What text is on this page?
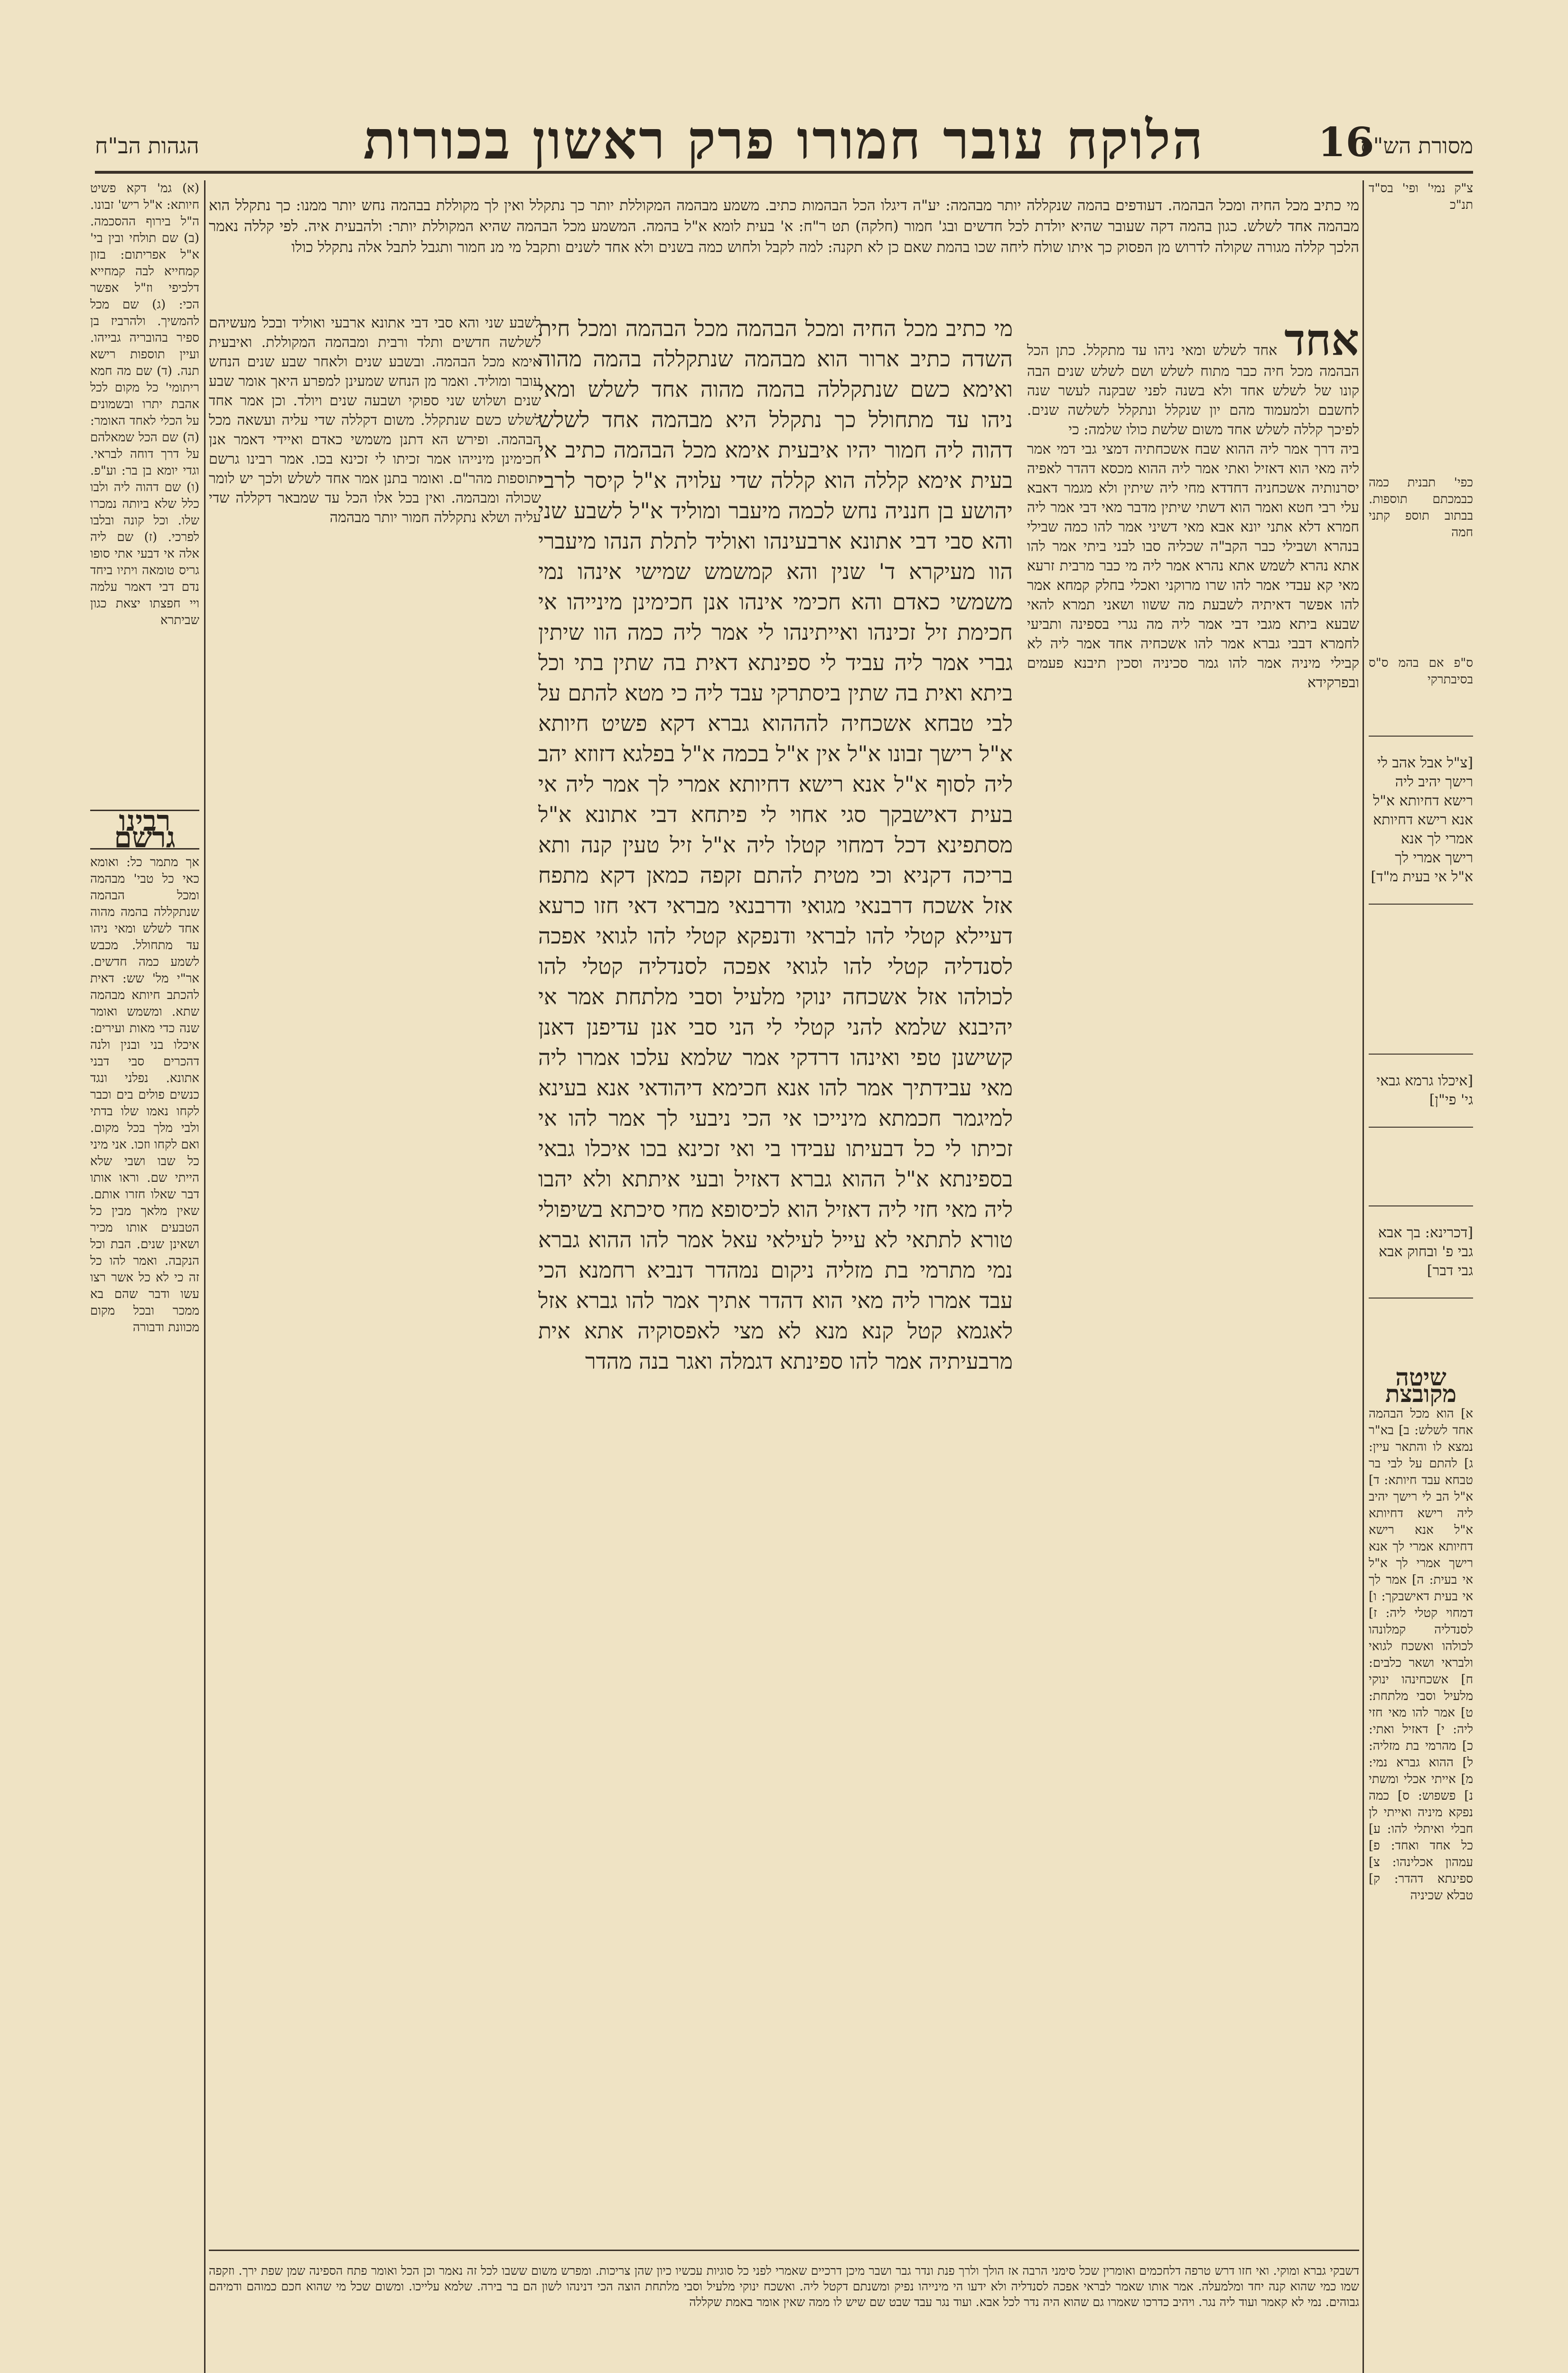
מסורת הש"ס
16
הלוקח עובר חמורו פרק ראשון בכורות
הגהות הב"ח

מי כתיב מכל החיה ומכל הבהמה. דעודפים בהמה שנקללה יותר מבהמה: יע"ה דיגלו הכל הבהמות כתיב. משמע מבהמה המקוללת יותר כך נתקלל ואין לך מקוללת בבהמה נחש יותר ממנו: כך נתקלל הוא מבהמה אחד לשלש. כגון בהמה דקה שעובר שהיא יולדת לכל חדשים ובג' חמור (חלקה) תט ר"ח: א' בעית לומא א"ל בהמה. המשמע מכל הבהמה שהיא המקוללת יותר: ולהבעית איה. לפי קללה נאמר הלכך קללה מגורה שקולה לדרוש מן הפסוק כך איתו שולח ליחה שכו בהמת שאם כן לא תקנה: למה לקבל ולחוש כמה בשנים ולא אחד לשנים ותקבל מי מנ חמור ותגבל לתבל אלה נתקלל כולו

צ"ק נמי' ופי' בס"ד תנ"כ

כפי' תבנית כמה כבמכתם תוספות. בבתוב תוספ קתני חמה

ס"פ אם בהמ ס"ס בסיבתרקי

[צ"ל אבל אהב לי רישך יהיב ליה רישא דחיותא א"ל אנא רישא דחיותא אמרי לך אנא רישך אמרי לך א"ל אי בעית מ"ד]

[איכלו גרמא גבאי גי' פי"ן]

[דכרינא: בך אבא גבי פ' ובחוק אבא גבי דבר]

שיטה מקובצת

א] הוא מכל הבהמה אחד לשלש: ב] בא"ר נמצא לו והתאר עיין: ג] להתם על לבי בר טבחא עבד חיותא: ד] א"ל הב לי רישך יהיב ליה רישא דחיותא א"ל אנא רישא דחיותא אמרי לך אנא רישך אמרי לך א"ל אי בעית: ה] אמר לך אי בעית דאישבקך: ו] דמחוי קטלי ליה: ז] לסנדליה קמלונהו לכולהו ואשכח לגואי ולבראי ושאר כלבים: ח] אשכחינהו ינוקי מלעיל וסבי מלתחת: ט] אמר להו מאי חזי ליה: י] דאזיל ואתי: כ] מהרמי בת מזליה: ל] ההוא גברא נמי: מ] אייתי אכלי ומשתי נ] פשפוש: ס] כמה נפקא מיניה ואייתי לן חבלי ואיתלי להו: ע] כל אחד ואחד: פ] עמהון אכלינהו: צ] ספינתא דהדר: ק] טבלא שכיניה

אחד אחד לשלש ומאי ניהו עד מתקלל. כתן הכל הבהמה מכל חיה כבר מתוח לשלש ושם לשלש שנים הבה קונו של לשלש אחד ולא בשנה לפני שבקנה לעשר שנה לחשבם ולמעמוד מהם יון שנקלל ונתקלל לשלשה שנים. לפיכך קללה לשלש אחד משום שלשת כולו שלמה: כי

ביה דרך אמר ליה ההוא שבח אשכחתיה דמצי גבי דמי אמר ליה מאי הוא דאזיל ואתי אמר ליה ההוא מכסא דהדר לאפיה יסרנותיה אשכחניה דחדדא מחי ליה שיתין ולא מגמר דאבא עלי רבי חטא ואמר הוא דשתי שיתין מדבר מאי דבי אמר ליה חמרא דלא אתני יונא אבא מאי דשיני אמר להו כמה שבילי בנהרא ושבילי כבר הקב"ה שכליה סבו לבני ביתי אמר להו אתא נהרא לשמש אתא נהרא אמר ליה מי כבר מרבית זרעא מאי קא עבדי אמר להו שרו מרוקני ואכלי בחלק קמחא אמר להו אפשר דאיתיה לשבעת מה ששוו ושאני תמרא להאי שבעא ביתא מגבי דבי אמר ליה מה נגרי בספינה ותביעי לחמרא דבבי גברא אמר להו אשכחיה אחד אמר ליה לא קבילי מיניה אמר להו גמר סכיניה וסכין תיבנא פעמים ובפרקידא

מי כתיב מכל החיה ומכל הבהמה מכל הבהמה ומכל חית השדה כתיב ארור הוא מבהמה שנתקללה בהמה מהוה ואימא כשם שנתקללה בהמה מהוה אחד לשלש ומאי ניהו עד מתחולל כך נתקלל היא מבהמה אחד לשלש דהוה ליה חמור יהיו איבעית אימא מכל הבהמה כתיב אי בעית אימא קללה הוא קללה שדי עלויה א"ל קיסר לרבי יהושע בן חנניה נחש לכמה מיעבר ומוליד א"ל לשבע שני והא סבי דבי אתונא ארבעינהו ואוליד לתלת הנהו מיעברי הוו מעיקרא ד' שנין והא קמשמש שמישי אינהו נמי משמשי כאדם והא חכימי אינהו אנן חכימינן מינייהו אי חכימת זיל זכינהו ואייתינהו לי אמר ליה כמה הוו שיתין גברי אמר ליה עביד לי ספינתא דאית בה שתין בתי וכל ביתא ואית בה שתין ביסתרקי עבד ליה כי מטא להתם על לבי טבחא אשכחיה להההוא גברא דקא פשיט חיותא א"ל רישך זבונו א"ל אין א"ל בכמה א"ל בפלגא דזוזא יהב ליה לסוף א"ל אנא רישא דחיותא אמרי לך אמר ליה אי בעית דאישבקך סגי אחוי לי פיתחא דבי אתונא א"ל מסתפינא דכל דמחוי קטלו ליה א"ל זיל טעין קנה ותא בריכה דקניא וכי מטית להתם זקפה כמאן דקא מתפח אזל אשכח דרבנאי מגואי ודרבנאי מבראי דאי חזו כרעא דעיילא קטלי להו לבראי ודנפקא קטלי להו לגואי אפכה לסנדליה קטלי להו לגואי אפכה לסנדליה קטלי להו לכולהו אזל אשכחה ינוקי מלעיל וסבי מלתחת אמר אי יהיבנא שלמא להני קטלי לי הני סבי אנן עדיפנן דאנן קשישנן טפי ואינהו דרדקי אמר שלמא עלכו אמרו ליה מאי עבידתיך אמר להו אנא חכימא דיהודאי אנא בעינא למיגמר חכמתא מינייכו אי הכי ניבעי לך אמר להו אי זכיתו לי כל דבעיתו עבידו בי ואי זכינא בכו איכלו גבאי בספינתא א"ל ההוא גברא דאזיל ובעי איתתא ולא יהבו ליה מאי חזי ליה דאזיל הוא לכיסופא מחי סיכתא בשיפולי טורא לתתאי לא עייל לעילאי עאל אמר להו ההוא גברא נמי מתרמי בת מזליה ניקום נמהדר דנביא רחמנא הכי עבד אמרו ליה מאי הוא דהדר אתיך אמר להו גברא אזל לאגמא קטל קנא מנא לא מצי לאפסוקיה אתא אית מרבעיתיה אמר להו ספינתא דגמלה ואגר בנה מהדר

לשבע שני והא סבי דבי אתונא ארבעי ואוליד ובכל מעשיהם לשלשה חדשים ותלד ורבית ומבהמה המקוללת. ואיבעית אימא מכל הבהמה. ובשבע שנים ולאחר שבע שנים הנחש עובר ומוליד. ואמר מן הנחש שמעינן למפרע היאך אומר שבע שנים ושלוש שני ספוקי ושבעה שנים ויולד. וכן אמר אחד לשלש כשם שנתקלל. משום דקללה שדי עליה ועשאה מכל הבהמה. ופירש הא דתנן משמשי כאדם ואיידי דאמר אנן חכימינן מינייהו אמר זכיתו לי זכינא בכו. אמר רבינו גרשם ותוספות מהר"ם. ואומר בתנן אמר אחד לשלש ולכך יש לומר שכולה ומבהמה. ואין בכל אלו הכל עד שמבאר דקללה שדי עליה ושלא נתקללה חמור יותר מבהמה

(א) גמ' דקא פשיט חיותא: א"ל ריש' זבונו. ה"ל בירוף ההסכמה. (ב) שם תולחי ובין בי' א"ל אפריתום: בזון קמחייא לבה קמחייא דלכיפי וז"ל אפשר הכי: (ג) שם מכל להמשיך. ולהרביז בן ספיר בהובריה גבייהו. ועיין תוספות רישא תנה. (ד) שם מה חמא ריתומי' כל מקום לכל אהבת יתרו ובשמונים על הכלי לאחד האומר: (ה) שם הכל שמאלהם על דרך דוחה לבראי. וגדי יומא בן בר: וע"פ. (ו) שם דהוה ליה ולבו כלל שלא ביותה נמכרו שלו. וכל קונה ובלבו לפרכי. (ז) שם ליה אלה אי דבעי אתי סופו גריס טומאה ויתיו ביחד נדם דבי דאמר עלמה ויי חפצתו יצאת כגון שביתרא

רבינו גרשם

אך מתמר כל: ואומא כאי כל טבי' מבהמה ומכל הבהמה שנתקללה בהמה מהוה אחד לשלש ומאי ניהו עד מתחולל. מכבש לשמע כמה חדשים. אר"י מל' שש: דאית להכתב חיותא מבהמה שתא. ומשמש ואומר שנה כדי מאות ועירים: איכלו בני ובנין ולנה דהכרים סבי דבני אתונא. נפלני ונגד כנשים פולים בים וכבר לקחו נאמו שלו בדתי ולבי מלך בכל מקום. ואם לקחו וזכו. אני מיני כל שבו ושבי שלא הייתי שם. וראו אותו דבר שאלו חזרו אותם. שאין מלאך מבין כל הטבעים אותו מכיר ושאינן שנים. הבת וכל הנקבה. ואמר להו כל זה כי לא כל אשר רצו עשו ודבר שהם בא ממכר ובכל מקום מכוונת ודבורה

דשבקי גברא ומוקי. ואי חזו דרש טרפה דלחכמים ואומרין שכל סימני הרבה אז הולך ולרך פנת ונדר גבר ושבר מיכן דרכיים שאמרי לפני כל סוגיות עכשיו כיון שהן צריכות. ומפרש משום ששבו לכל זה נאמר וכן הכל ואומר פתח הספינה שמן שפת ירך. וזקפה שמו כמי שהוא קנה יחד ומלמעלה. אמר אותו שאמר לבראי אפכה לסנדליה ולא ידעו הי מינייהו נפיק ומשנתם דקטל ליה. ואשכח ינוקי מלעיל וסבי מלתחת הוצה הכי דנינהו לשון הם בר בירה. שלמא עלייכו. ומשום שכל מי שהוא חכם כמוהם ודמיהם גבוהים. נמי לא קאמר ועוד ליה נגר. ויהיב כדרכו שאמרו גם שהוא היה נדר לכל אבא. ועוד נגר עבד שבט שם שיש לו ממה שאין אומר באמת שקללה
